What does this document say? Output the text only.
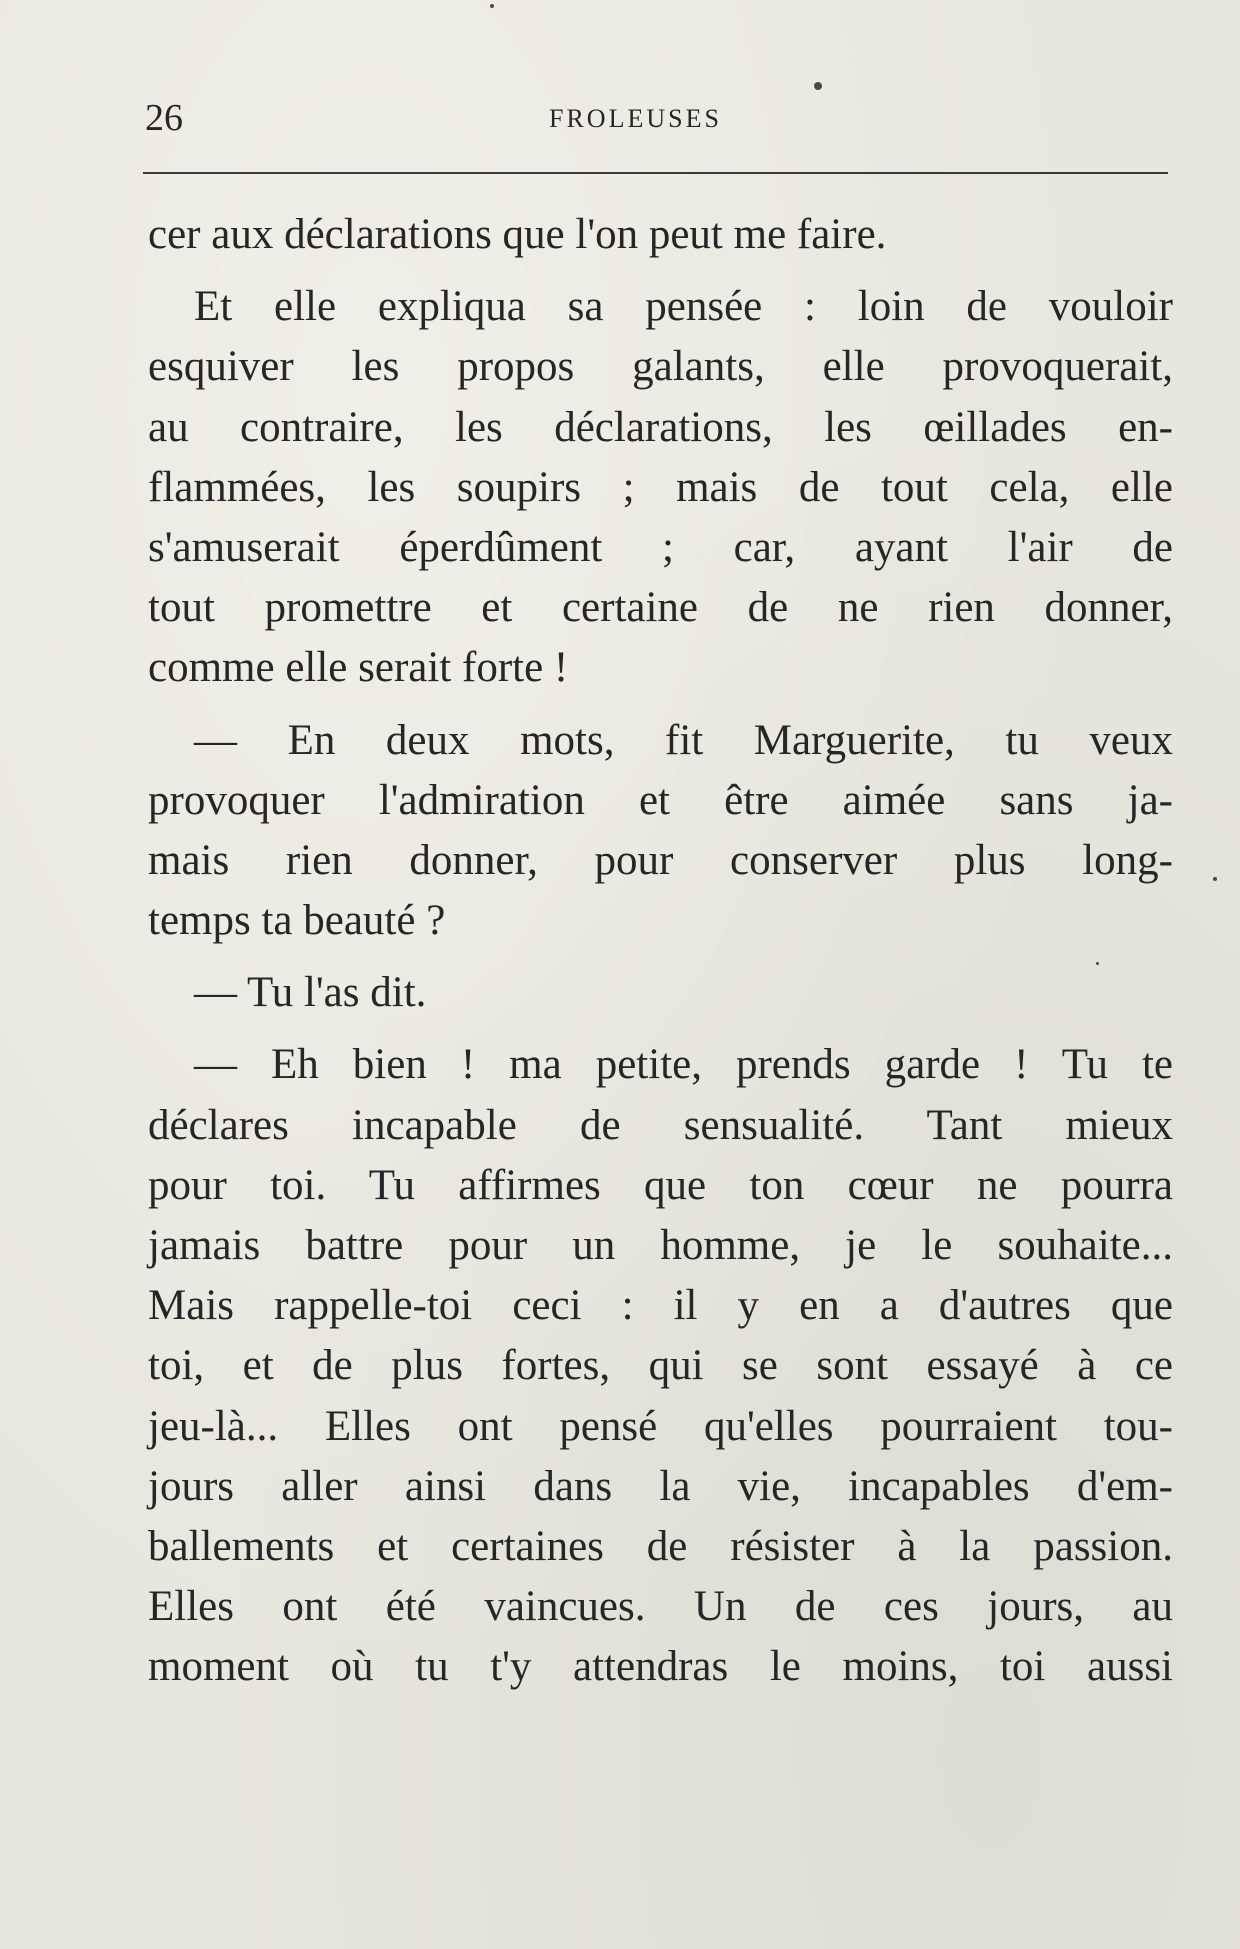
26	FROLEUSES
cer aux déclarations que l'on peut me faire.
Et elle expliqua sa pensée : loin de vouloir
esquiver les propos galants, elle provoquerait,
au contraire, les déclarations, les œillades en-
flammées, les soupirs ; mais de tout cela, elle
s'amuserait éperdûment ; car, ayant l'air de
tout promettre et certaine de ne rien donner,
comme elle serait forte !
— En deux mots, fit Marguerite, tu veux
provoquer l'admiration et être aimée sans ja-
mais rien donner, pour conserver plus long-
temps ta beauté ?
— Tu l'as dit.
— Eh bien ! ma petite, prends garde ! Tu te
déclares incapable de sensualité. Tant mieux
pour toi. Tu affirmes que ton cœur ne pourra
jamais battre pour un homme, je le souhaite...
Mais rappelle-toi ceci : il y en a d'autres que
toi, et de plus fortes, qui se sont essayé à ce
jeu-là... Elles ont pensé qu'elles pourraient tou-
jours aller ainsi dans la vie, incapables d'em-
ballements et certaines de résister à la passion.
Elles ont été vaincues. Un de ces jours, au
moment où tu t'y attendras le moins, toi aussi
